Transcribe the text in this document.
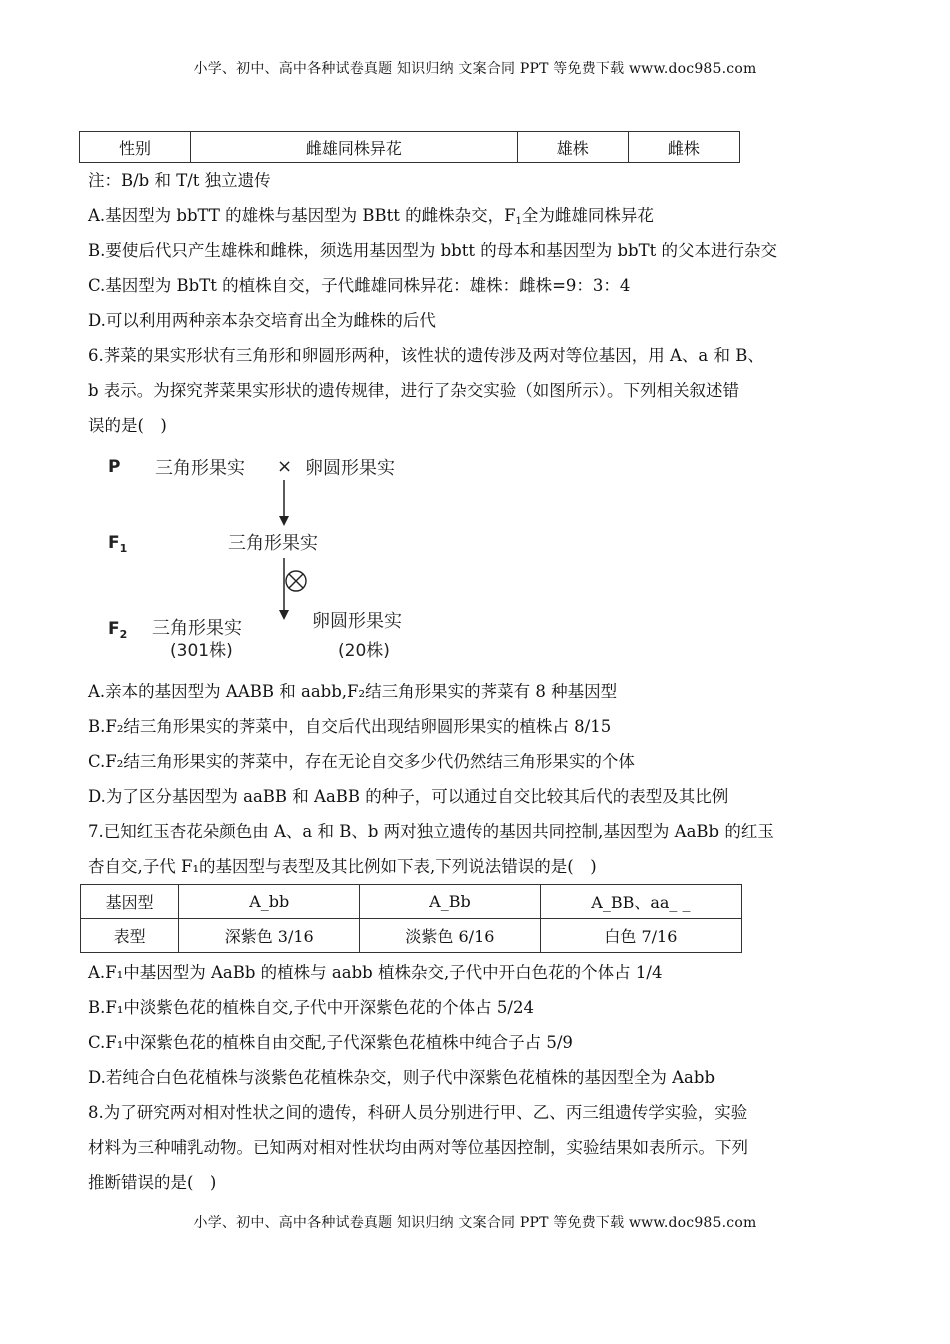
小学、初中、高中各种试卷真题 知识归纳 文案合同 PPT 等免费下载 www.doc985.com
性别	雌雄同株异花	雄株	雌株
注：B/b 和 T/t 独立遗传
A.基因型为 bbTT 的雄株与基因型为 BBtt 的雌株杂交，$F_1$全为雌雄同株异花
B.要使后代只产生雄株和雌株，须选用基因型为 bbtt 的母本和基因型为 bbTt 的父本进行杂交
C.基因型为 BbTt 的植株自交，子代雌雄同株异花：雄株：雌株=9：3：4
D.可以利用两种亲本杂交培育出全为雌株的后代
6.荠菜的果实形状有三角形和卵圆形两种，该性状的遗传涉及两对等位基因，用 A、a 和 B、
b 表示。为探究荠菜果实形状的遗传规律，进行了杂交实验（如图所示）。下列相关叙述错
误的是(　)
P 三角形果实 × 卵圆形果实
$F_1$	三角形果实
$F_2$ 三角形果实
(301株)
卵圆形果实
(20株)
A.亲本的基因型为 AABB 和 aabb,F₂结三角形果实的荠菜有 8 种基因型
B.F₂结三角形果实的荠菜中，自交后代出现结卵圆形果实的植株占 8/15
C.F₂结三角形果实的荠菜中，存在无论自交多少代仍然结三角形果实的个体
D.为了区分基因型为 aaBB 和 AaBB 的种子，可以通过自交比较其后代的表型及其比例
7.已知红玉杏花朵颜色由 A、a 和 B、b 两对独立遗传的基因共同控制,基因型为 AaBb 的红玉
杏自交,子代 F₁的基因型与表型及其比例如下表,下列说法错误的是(　)
基因型	A_bb	A_Bb	A_BB、aa_ _
表型	深紫色 3/16	淡紫色 6/16	白色 7/16
A.F₁中基因型为 AaBb 的植株与 aabb 植株杂交,子代中开白色花的个体占 1/4
B.F₁中淡紫色花的植株自交,子代中开深紫色花的个体占 5/24
C.F₁中深紫色花的植株自由交配,子代深紫色花植株中纯合子占 5/9
D.若纯合白色花植株与淡紫色花植株杂交，则子代中深紫色花植株的基因型全为 Aabb
8.为了研究两对相对性状之间的遗传，科研人员分别进行甲、乙、丙三组遗传学实验，实验
材料为三种哺乳动物。已知两对相对性状均由两对等位基因控制，实验结果如表所示。下列
推断错误的是(　)
小学、初中、高中各种试卷真题 知识归纳 文案合同 PPT 等免费下载 www.doc985.com
